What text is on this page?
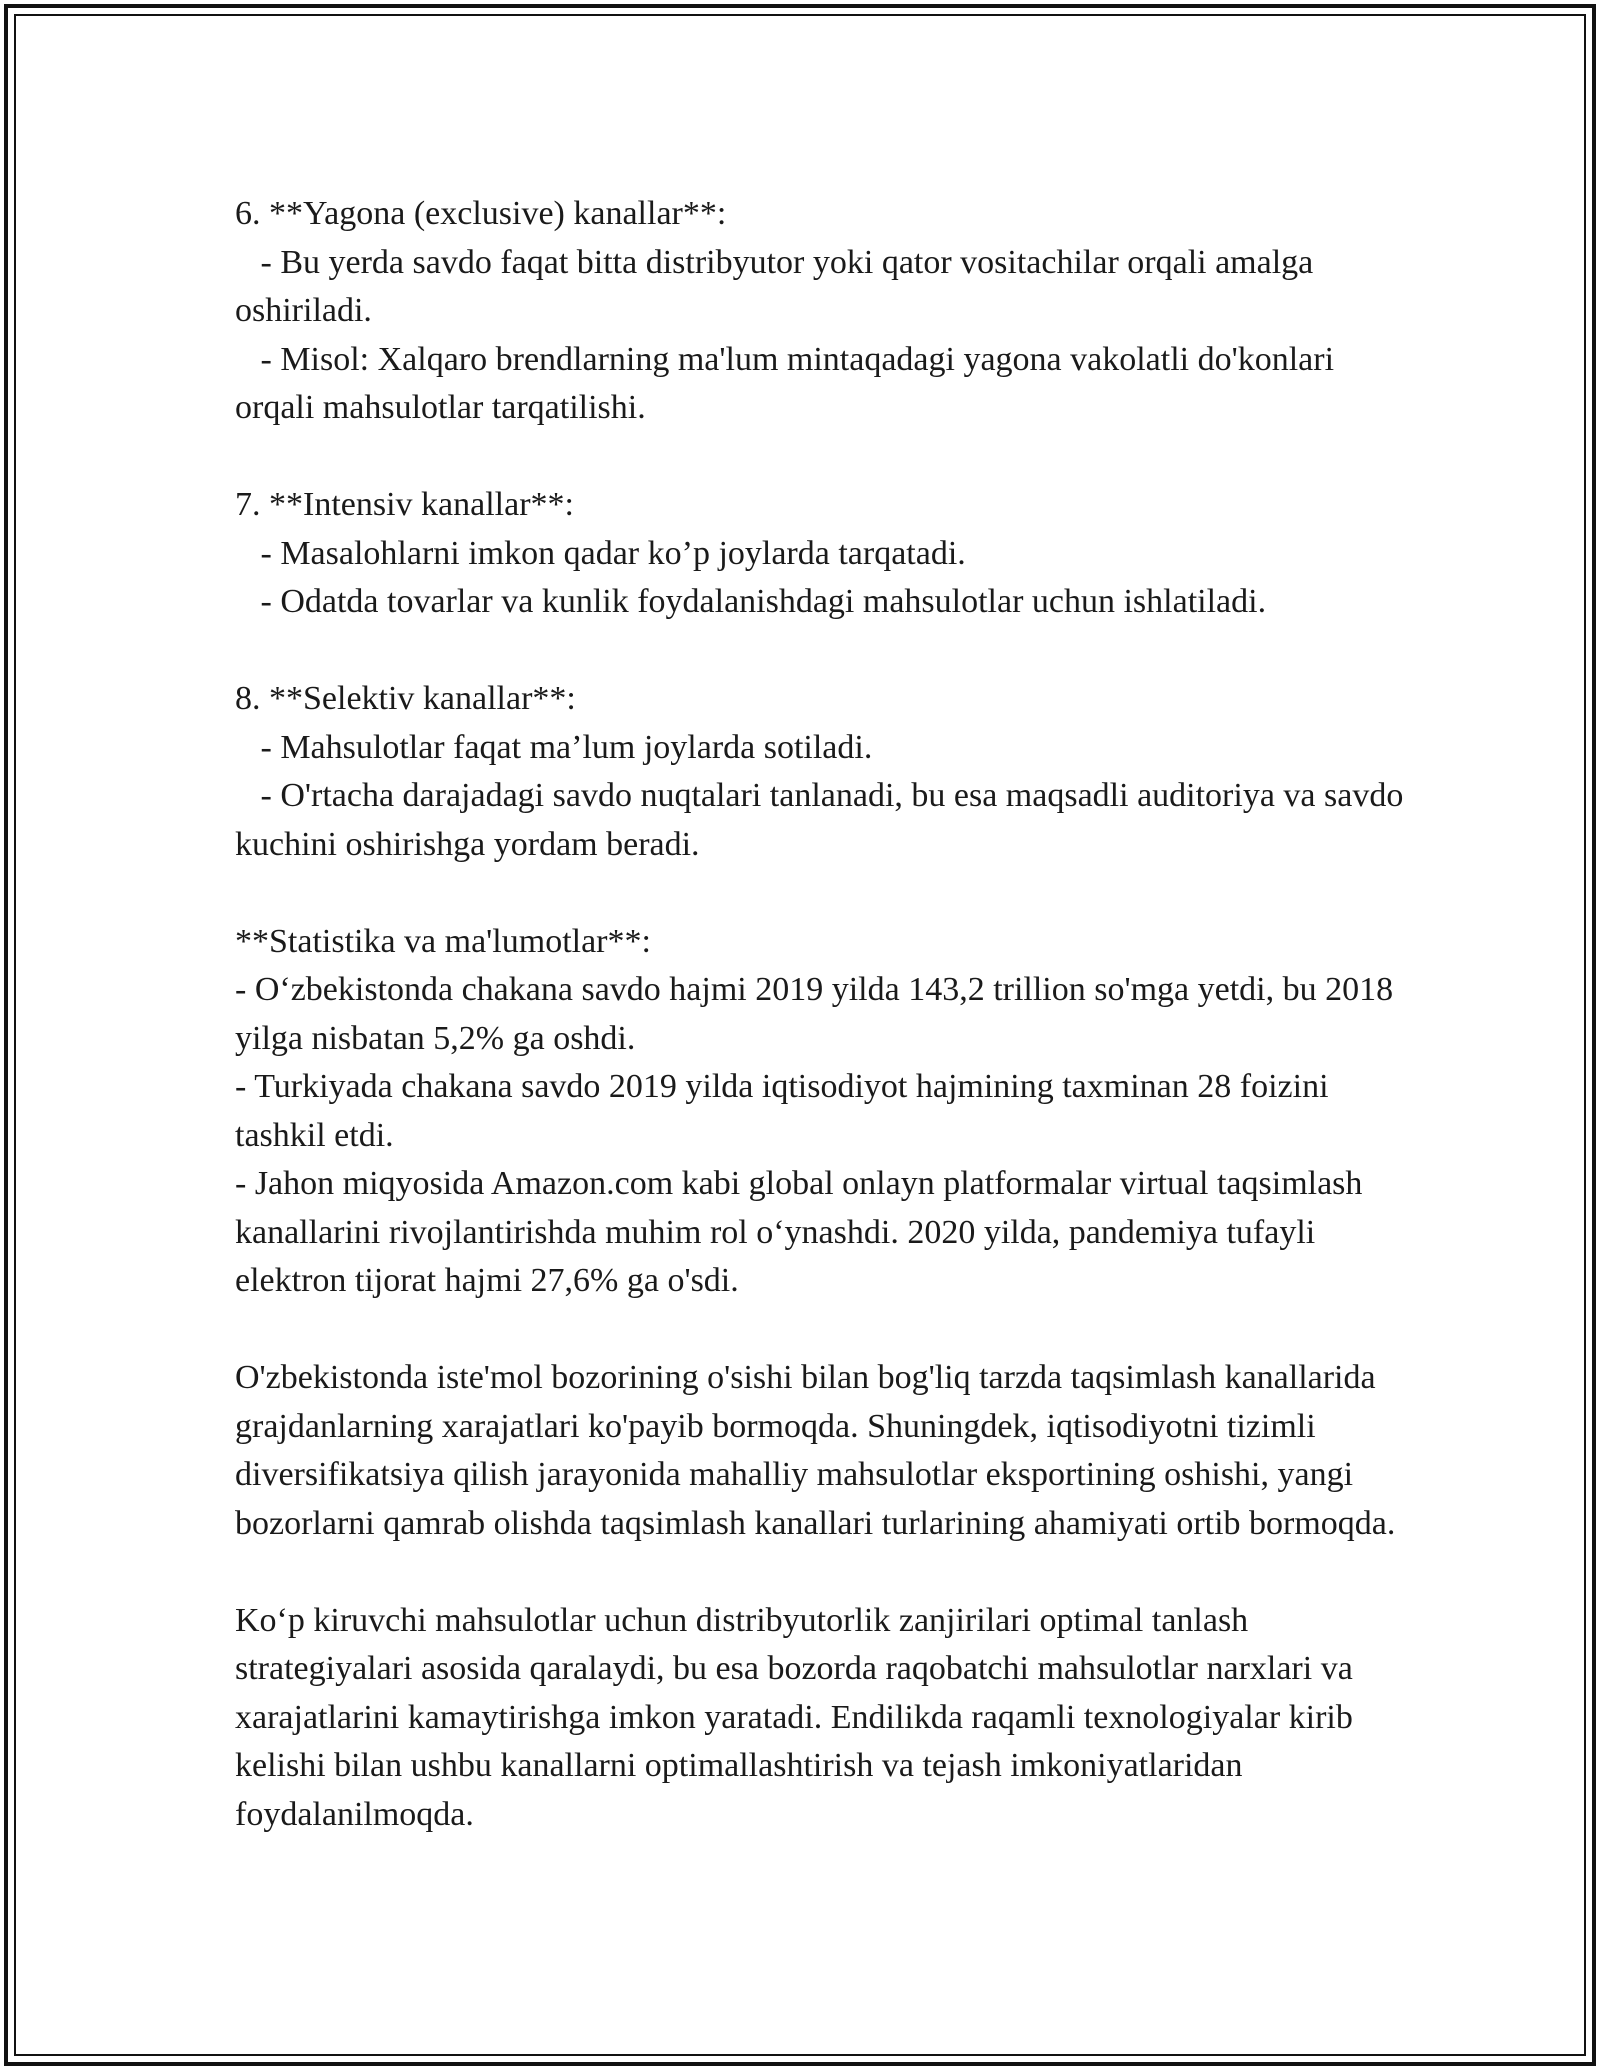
6. **Yagona (exclusive) kanallar**:

- Bu yerda savdo faqat bitta distribyutor yoki qator vositachilar orqali amalga oshiriladi.

- Misol: Xalqaro brendlarning ma'lum mintaqadagi yagona vakolatli do'konlari orqali mahsulotlar tarqatilishi.

7. **Intensiv kanallar**:

- Masalohlarni imkon qadar ko’p joylarda tarqatadi.

- Odatda tovarlar va kunlik foydalanishdagi mahsulotlar uchun ishlatiladi.

8. **Selektiv kanallar**:

- Mahsulotlar faqat ma’lum joylarda sotiladi.

- O'rtacha darajadagi savdo nuqtalari tanlanadi, bu esa maqsadli auditoriya va savdo kuchini oshirishga yordam beradi.

**Statistika va ma'lumotlar**:

- O‘zbekistonda chakana savdo hajmi 2019 yilda 143,2 trillion so'mga yetdi, bu 2018 yilga nisbatan 5,2% ga oshdi.

- Turkiyada chakana savdo 2019 yilda iqtisodiyot hajmining taxminan 28 foizini tashkil etdi.

- Jahon miqyosida Amazon.com kabi global onlayn platformalar virtual taqsimlash kanallarini rivojlantirishda muhim rol o‘ynashdi. 2020 yilda, pandemiya tufayli elektron tijorat hajmi 27,6% ga o'sdi.

O'zbekistonda iste'mol bozorining o'sishi bilan bog'liq tarzda taqsimlash kanallarida grajdanlarning xarajatlari ko'payib bormoqda. Shuningdek, iqtisodiyotni tizimli diversifikatsiya qilish jarayonida mahalliy mahsulotlar eksportining oshishi, yangi bozorlarni qamrab olishda taqsimlash kanallari turlarining ahamiyati ortib bormoqda.

Ko‘p kiruvchi mahsulotlar uchun distribyutorlik zanjirilari optimal tanlash strategiyalari asosida qaralaydi, bu esa bozorda raqobatchi mahsulotlar narxlari va xarajatlarini kamaytirishga imkon yaratadi. Endilikda raqamli texnologiyalar kirib kelishi bilan ushbu kanallarni optimallashtirish va tejash imkoniyatlaridan foydalanilmoqda.
